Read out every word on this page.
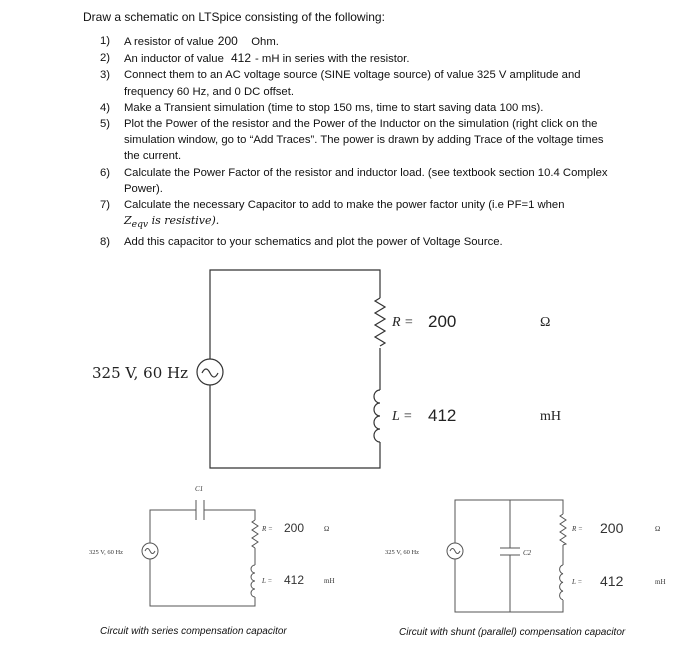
Draw a schematic on LTSpice consisting of the following:
1) A resistor of value 200 Ohm.
2) An inductor of value 412 - mH in series with the resistor.
3) Connect them to an AC voltage source (SINE voltage source) of value 325 V amplitude and frequency 60 Hz, and 0 DC offset.
4) Make a Transient simulation (time to stop 150 ms, time to start saving data 100 ms).
5) Plot the Power of the resistor and the Power of the Inductor on the simulation (right click on the simulation window, go to “Add Traces”. The power is drawn by adding Trace of the voltage times the current.
6) Calculate the Power Factor of the resistor and inductor load. (see textbook section 10.4 Complex Power).
7) Calculate the necessary Capacitor to add to make the power factor unity (i.e PF=1 when
$Z_{eqv}$ is resistive).
8) Add this capacitor to your schematics and plot the power of Voltage Source.
325 V, 60 Hz
R = 200	Ω
L = 412	mH
C1
325 V, 60 Hz
R = 200	Ω
L = 412	mH
C2
325 V, 60 Hz
R = 200	Ω
L = 412	mH
Circuit with series compensation capacitor	Circuit with shunt (parallel) compensation capacitor
